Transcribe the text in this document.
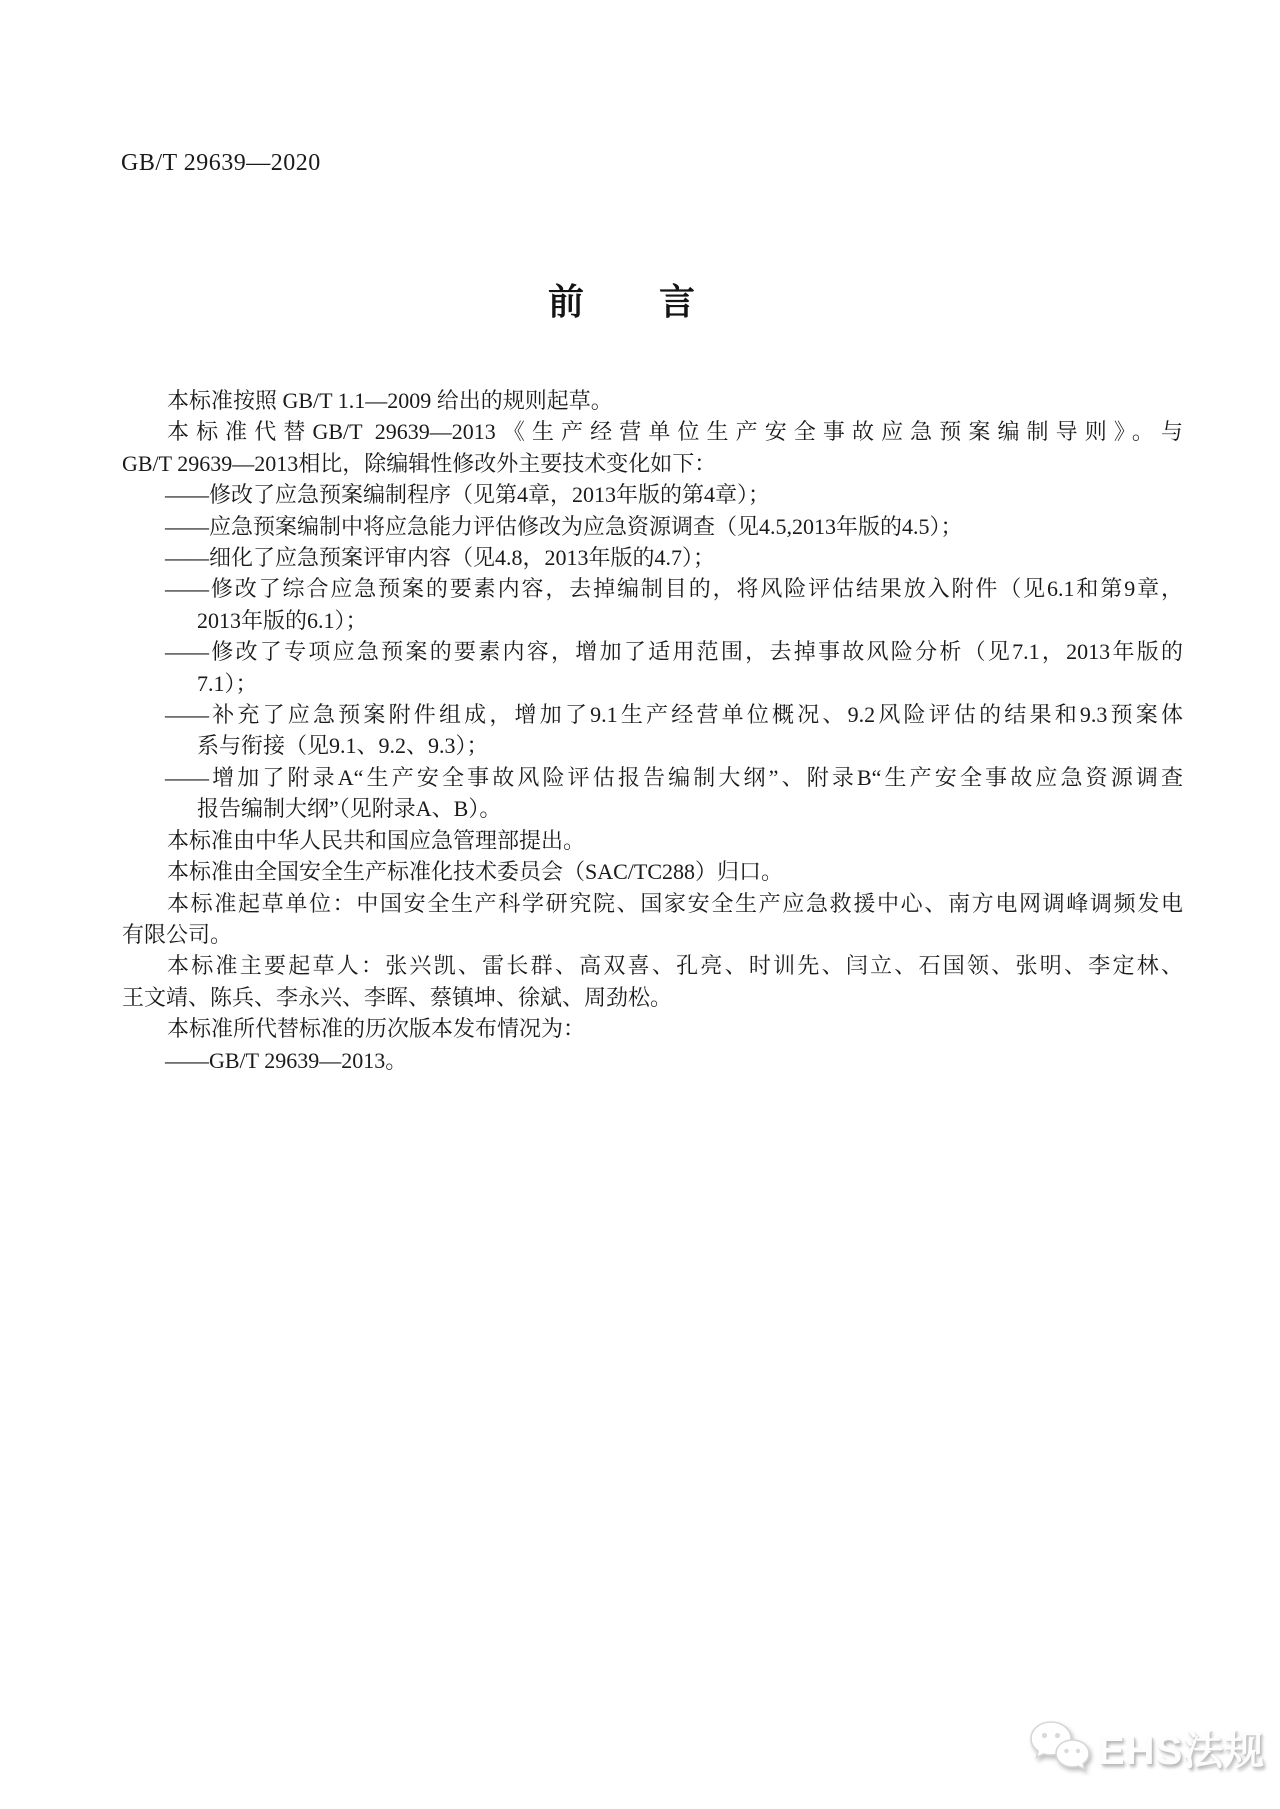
GB/T 29639—2020
前　　言
本标准按照 GB/T 1.1—2009 给出的规则起草。
本标准代替GB/T 29639—2013《生产经营单位生产安全事故应急预案编制导则》。与
GB/T 29639—2013相比，除编辑性修改外主要技术变化如下：
——修改了应急预案编制程序（见第4章，2013年版的第4章）；
——应急预案编制中将应急能力评估修改为应急资源调查（见4.5,2013年版的4.5）；
——细化了应急预案评审内容（见4.8，2013年版的4.7）；
——修改了综合应急预案的要素内容，去掉编制目的，将风险评估结果放入附件（见6.1和第9章，
2013年版的6.1）；
——修改了专项应急预案的要素内容，增加了适用范围，去掉事故风险分析（见7.1，2013年版的
7.1）；
——补充了应急预案附件组成，增加了9.1生产经营单位概况、9.2风险评估的结果和9.3预案体
系与衔接（见9.1、9.2、9.3）；
——增加了附录A“生产安全事故风险评估报告编制大纲”、附录B“生产安全事故应急资源调查
报告编制大纲”（见附录A、B）。
本标准由中华人民共和国应急管理部提出。
本标准由全国安全生产标准化技术委员会（SAC/TC288）归口。
本标准起草单位：中国安全生产科学研究院、国家安全生产应急救援中心、南方电网调峰调频发电
有限公司。
本标准主要起草人：张兴凯、雷长群、高双喜、孔亮、时训先、闫立、石国领、张明、李定林、
王文靖、陈兵、李永兴、李晖、蔡镇坤、徐斌、周劲松。
本标准所代替标准的历次版本发布情况为：
——GB/T 29639—2013。
EHS法规
